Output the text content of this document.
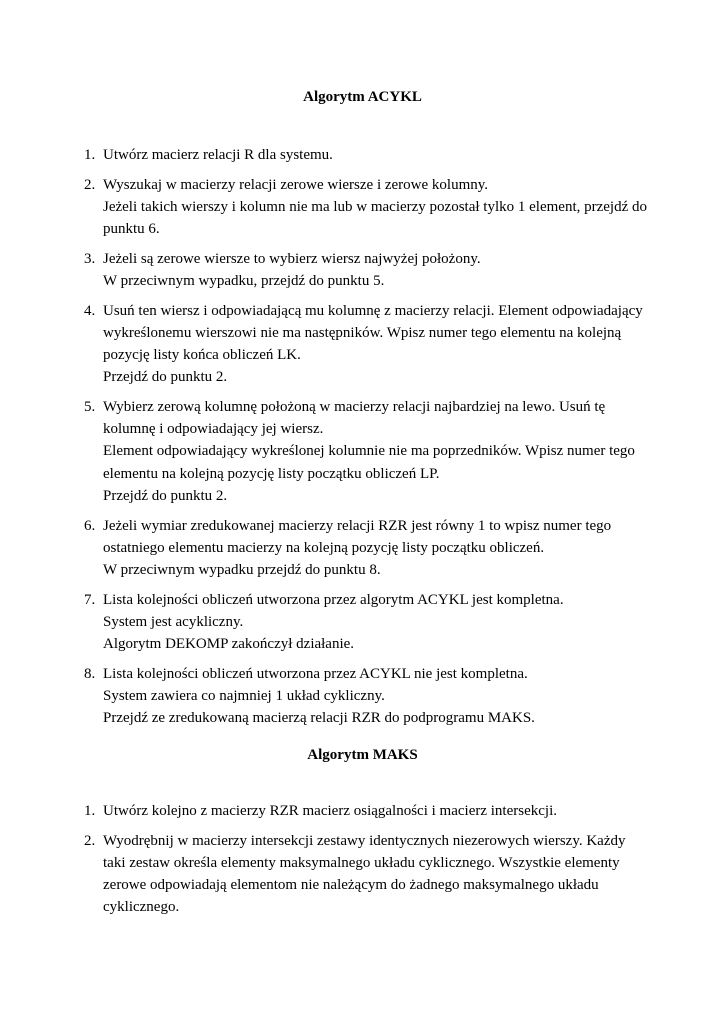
Algorytm ACYKL
1. Utwórz macierz relacji R dla systemu.
2. Wyszukaj w macierzy relacji zerowe wiersze i zerowe kolumny.
Jeżeli takich wierszy i kolumn nie ma lub w macierzy pozostał tylko 1 element, przejdź do
punktu 6.
3. Jeżeli są zerowe wiersze to wybierz wiersz najwyżej położony.
W przeciwnym wypadku, przejdź do punktu 5.
4. Usuń ten wiersz i odpowiadającą mu kolumnę z macierzy relacji. Element odpowiadający
wykreślonemu wierszowi nie ma następników. Wpisz numer tego elementu na kolejną
pozycję listy końca obliczeń LK.
Przejdź do punktu 2.
5. Wybierz zerową kolumnę położoną w macierzy relacji najbardziej na lewo. Usuń tę
kolumnę i odpowiadający jej wiersz.
Element odpowiadający wykreślonej kolumnie nie ma poprzedników. Wpisz numer tego
elementu na kolejną pozycję listy początku obliczeń LP.
Przejdź do punktu 2.
6. Jeżeli wymiar zredukowanej macierzy relacji RZR jest równy 1 to wpisz numer tego
ostatniego elementu macierzy na kolejną pozycję listy początku obliczeń.
W przeciwnym wypadku przejdź do punktu 8.
7. Lista kolejności obliczeń utworzona przez algorytm ACYKL jest kompletna.
System jest acykliczny.
Algorytm DEKOMP zakończył działanie.
8. Lista kolejności obliczeń utworzona przez ACYKL nie jest kompletna.
System zawiera co najmniej 1 układ cykliczny.
Przejdź ze zredukowaną macierzą relacji RZR do podprogramu MAKS.
Algorytm MAKS
1. Utwórz kolejno z macierzy RZR macierz osiągalności i macierz intersekcji.
2. Wyodrębnij w macierzy intersekcji zestawy identycznych niezerowych wierszy. Każdy
taki zestaw określa elementy maksymalnego układu cyklicznego. Wszystkie elementy
zerowe odpowiadają elementom nie należącym do żadnego maksymalnego układu
cyklicznego.
